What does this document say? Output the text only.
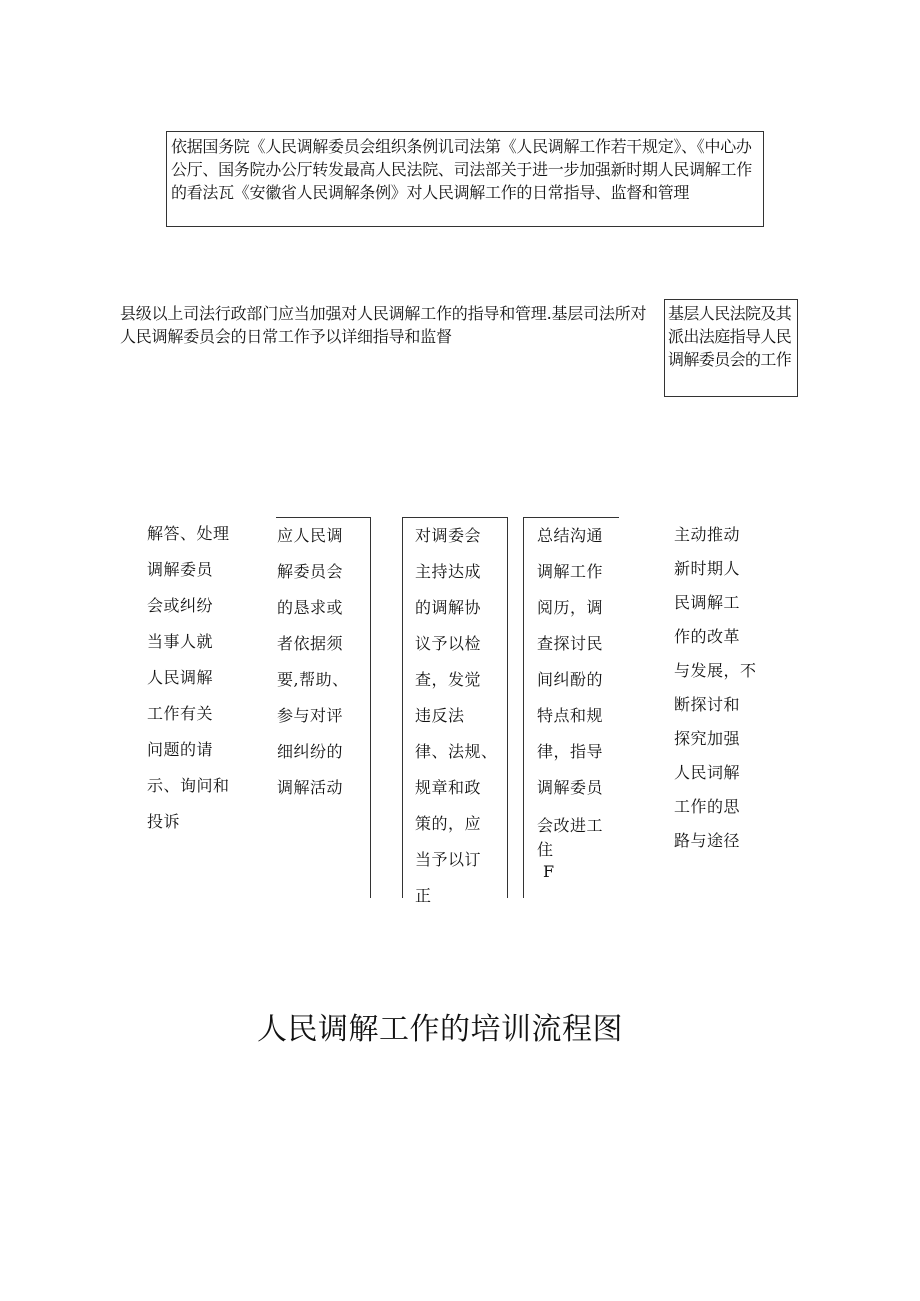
依据国务院《人民调解委员会组织条例讥司法第《人民调解工作若干规定》、《中心办公厅、国务院办公厅转发最高人民法院、司法部关于进一步加强新时期人民调解工作的看法瓦《安徽省人民调解条例》对人民调解工作的日常指导、监督和管理
县级以上司法行政部门应当加强对人民调解工作的指导和管理.基层司法所对人民调解委员会的日常工作予以详细指导和监督
基层人民法院及其派出法庭指导人民调解委员会的工作
解答、处理
调解委员
会或纠纷
当事人就
人民调解
工作有关
问题的请
示、询问和
投诉
应人民调
解委员会
的恳求或
者依据须
要,帮助、
参与对评
细纠纷的
调解活动
对调委会
主持达成
的调解协
议予以检
查，发觉
违反法
律、法规、
规章和政
策的，应
当予以订
正
总结沟通
调解工作
阅历，调
查探讨民
间纠酚的
特点和规
律，指导
调解委员
会改进工
住
F
主动推动
新时期人
民调解工
作的改革
与发展，不
断探讨和
探究加强
人民词解
工作的思
路与途径
人民调解工作的培训流程图
